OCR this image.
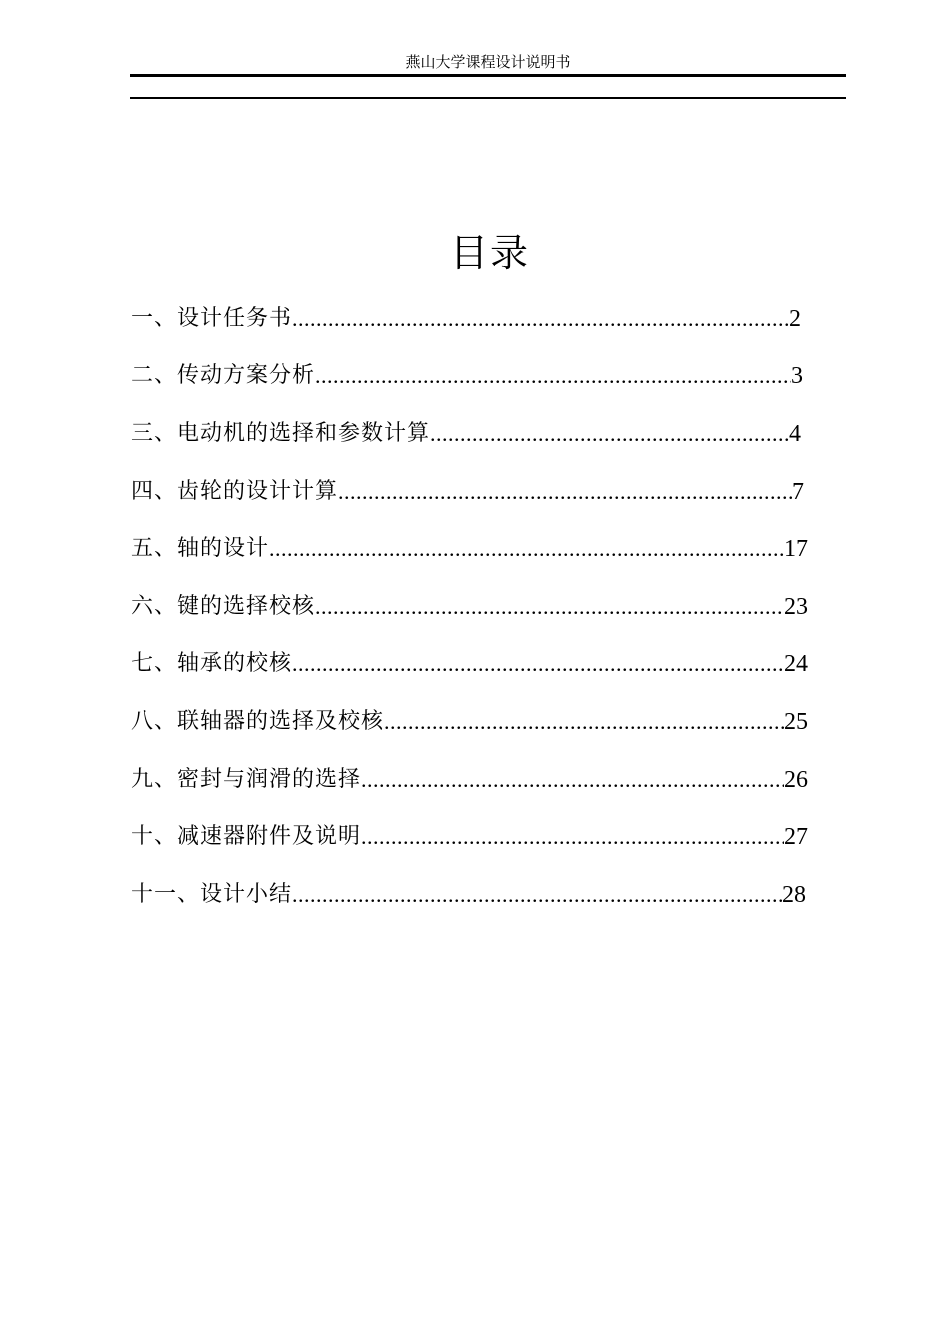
燕山大学课程设计说明书
目录
一、设计任务书 .....	2
二、传动方案分析 .....	3
三、电动机的选择和参数计算 .....	4
四、齿轮的设计计算 .....	7
五、轴的设计 .....	17
六、键的选择校核 .....	23
七、轴承的校核 .....	24
八、联轴器的选择及校核 .....	25
九、密封与润滑的选择 .....	26
十、减速器附件及说明 .....	27
十一、设计小结 .....	28
